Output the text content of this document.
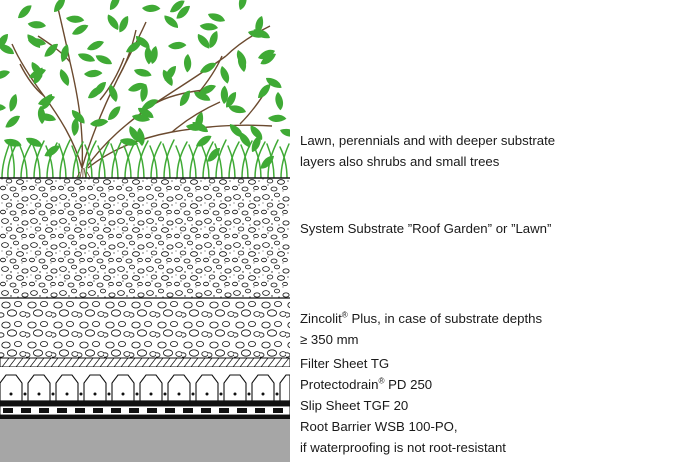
Lawn, perennials and with deeper substrate
layers also shrubs and small trees
System Substrate ”Roof Garden” or ”Lawn”
Zincolit® Plus, in case of substrate depths
≥ 350 mm
Filter Sheet TG
Protectodrain® PD 250
Slip Sheet TGF 20
Root Barrier WSB 100-PO,
if waterproofing is not root-resistant
